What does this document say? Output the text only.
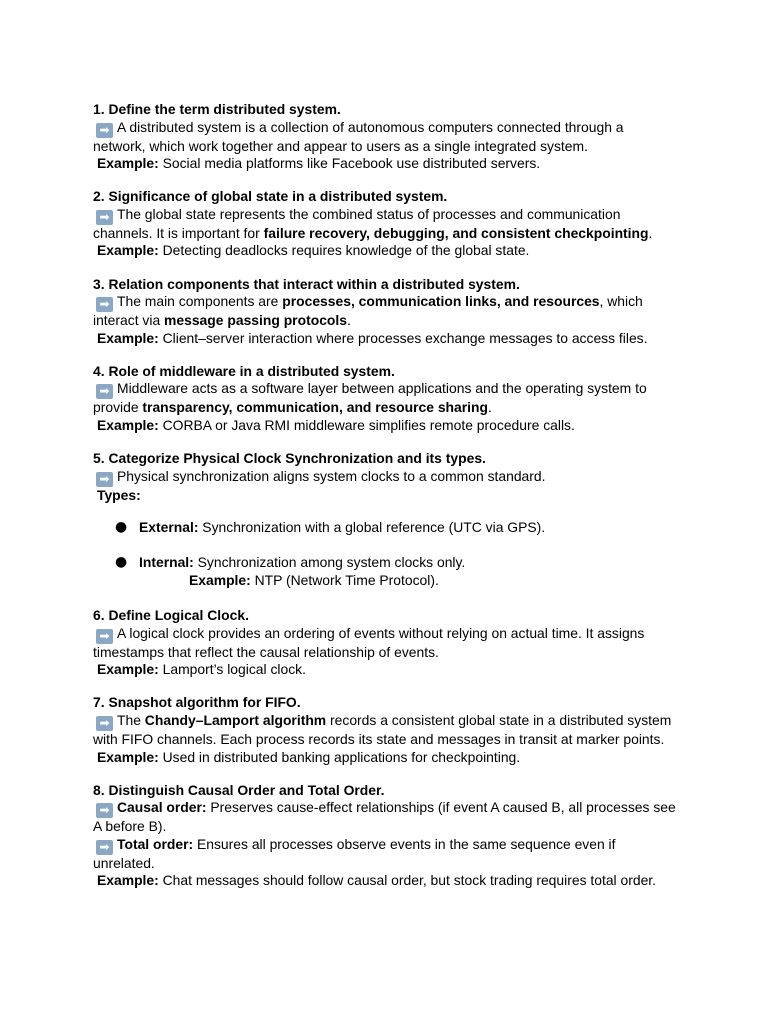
1. Define the term distributed system.

➡ A distributed system is a collection of autonomous computers connected through a network, which work together and appear to users as a single integrated system.

Example: Social media platforms like Facebook use distributed servers.

2. Significance of global state in a distributed system.

➡ The global state represents the combined status of processes and communication channels. It is important for failure recovery, debugging, and consistent checkpointing.

Example: Detecting deadlocks requires knowledge of the global state.

3. Relation components that interact within a distributed system.

➡ The main components are processes, communication links, and resources, which interact via message passing protocols.

Example: Client–server interaction where processes exchange messages to access files.

4. Role of middleware in a distributed system.

➡ Middleware acts as a software layer between applications and the operating system to provide transparency, communication, and resource sharing.

Example: CORBA or Java RMI middleware simplifies remote procedure calls.

5. Categorize Physical Clock Synchronization and its types.

➡ Physical synchronization aligns system clocks to a common standard.

Types:

● External: Synchronization with a global reference (UTC via GPS).
● Internal: Synchronization among system clocks only.
Example: NTP (Network Time Protocol).

6. Define Logical Clock.

➡ A logical clock provides an ordering of events without relying on actual time. It assigns timestamps that reflect the causal relationship of events.

Example: Lamport’s logical clock.

7. Snapshot algorithm for FIFO.

➡ The Chandy–Lamport algorithm records a consistent global state in a distributed system with FIFO channels. Each process records its state and messages in transit at marker points.

Example: Used in distributed banking applications for checkpointing.

8. Distinguish Causal Order and Total Order.

➡ Causal order: Preserves cause-effect relationships (if event A caused B, all processes see A before B).

➡ Total order: Ensures all processes observe events in the same sequence even if unrelated.

Example: Chat messages should follow causal order, but stock trading requires total order.
